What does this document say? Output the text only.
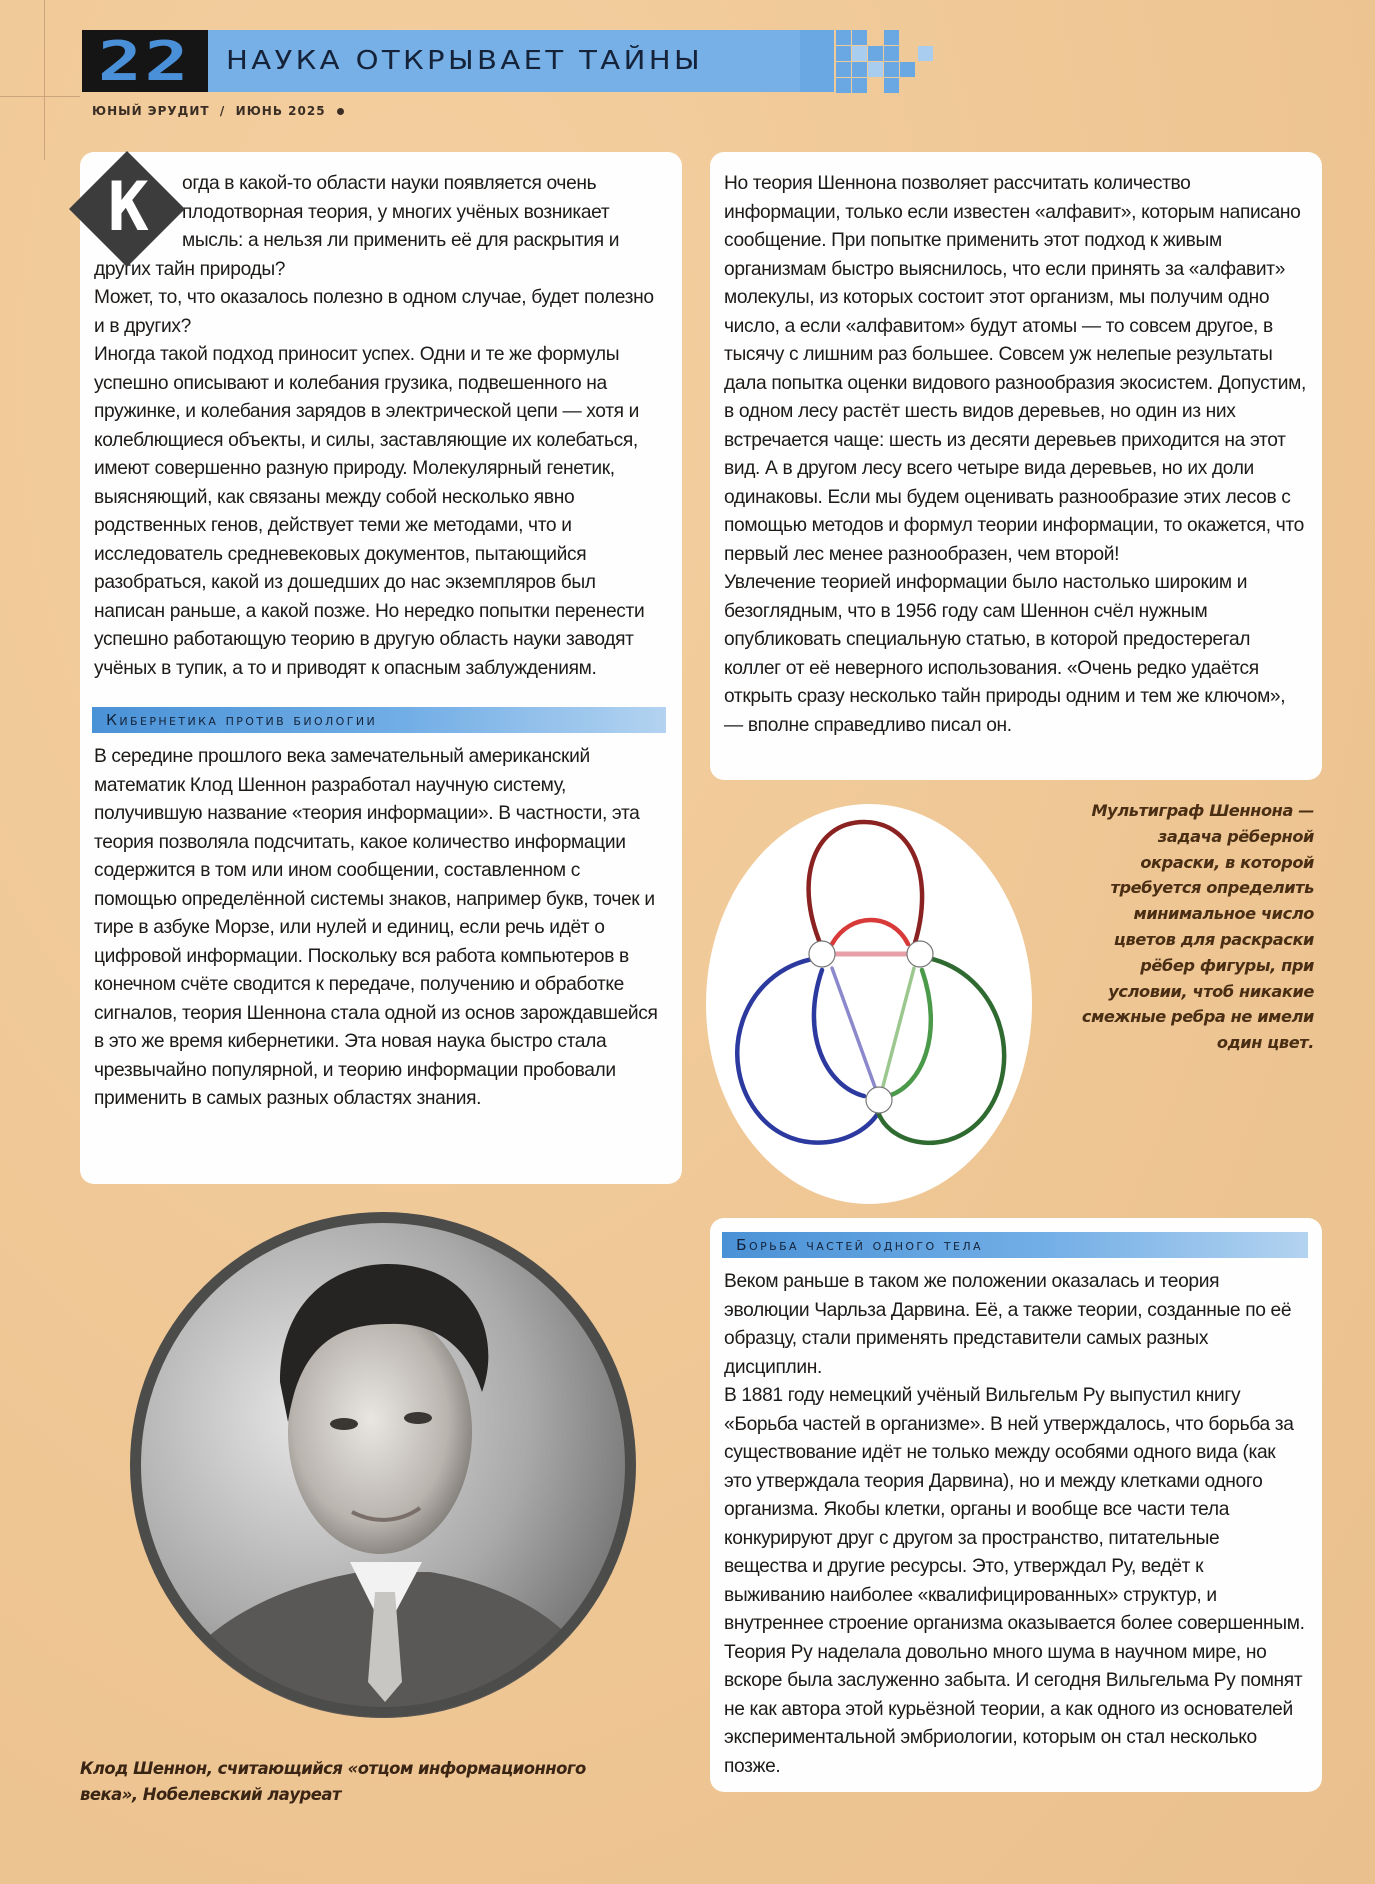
22 НАУКА ОТКРЫВАЕТ ТАЙНЫ
ЮНЫЙ ЭРУДИТ / ИЮНЬ 2025
К	огда в какой-то области науки появляется очень плодотворная теория, у многих учёных возникает мысль: а нельзя ли применить её для раскрытия и других тайн природы?

Может, то, что оказалось полезно в одном случае, будет полезно и в других?

Иногда такой подход приносит успех. Одни и те же формулы успешно описывают и колебания грузика, подвешенного на пружинке, и колебания зарядов в электрической цепи — хотя и колеблющиеся объекты, и силы, заставляющие их колебаться, имеют совершенно разную природу. Молекулярный генетик, выясняющий, как связаны между собой несколько явно родственных генов, действует теми же методами, что и исследователь средневековых документов, пытающийся разобраться, какой из дошедших до нас экземпляров был написан раньше, а какой позже. Но нередко попытки перенести успешно работающую теорию в другую область науки заводят учёных в тупик, а то и приводят к опасным заблуждениям.

Кибернетика против биологии

В середине прошлого века замечательный американский математик Клод Шеннон разработал научную систему, получившую название «теория информации». В частности, эта теория позволяла подсчитать, какое количество информации содержится в том или ином сообщении, составленном с помощью определённой системы знаков, например букв, точек и тире в азбуке Морзе, или нулей и единиц, если речь идёт о цифровой информации. Поскольку вся работа компьютеров в конечном счёте сводится к передаче, получению и обработке сигналов, теория Шеннона стала одной из основ зарождавшейся в это же время кибернетики. Эта новая наука быстро стала чрезвычайно популярной, и теорию информации пробовали применить в самых разных областях знания.

Но теория Шеннона позволяет рассчитать количество информации, только если известен «алфавит», которым написано сообщение. При попытке применить этот подход к живым организмам быстро выяснилось, что если принять за «алфавит» молекулы, из которых состоит этот организм, мы получим одно число, а если «алфавитом» будут атомы — то совсем другое, в тысячу с лишним раз большее. Совсем уж нелепые результаты дала попытка оценки видового разнообразия экосистем. Допустим, в одном лесу растёт шесть видов деревьев, но один из них встречается чаще: шесть из десяти деревьев приходится на этот вид. А в другом лесу всего четыре вида деревьев, но их доли одинаковы. Если мы будем оценивать разнообразие этих лесов с помощью методов и формул теории информации, то окажется, что первый лес менее разнообразен, чем второй!

Увлечение теорией информации было настолько широким и безоглядным, что в 1956 году сам Шеннон счёл нужным опубликовать специальную статью, в которой предостерегал коллег от её неверного использования. «Очень редко удаётся открыть сразу несколько тайн природы одним и тем же ключом», — вполне справедливо писал он.

Мультиграф Шеннона — задача рёберной окраски, в которой требуется определить минимальное число цветов для раскраски рёбер фигуры, при условии, чтоб никакие смежные ребра не имели один цвет.
Борьба частей одного тела

Веком раньше в таком же положении оказалась и теория эволюции Чарльза Дарвина. Её, а также теории, созданные по её образцу, стали применять представители самых разных дисциплин.

В 1881 году немецкий учёный Вильгельм Ру выпустил книгу «Борьба частей в организме». В ней утверждалось, что борьба за существование идёт не только между особями одного вида (как это утверждала теория Дарвина), но и между клетками одного организма. Якобы клетки, органы и вообще все части тела конкурируют друг с другом за пространство, питательные вещества и другие ресурсы. Это, утверждал Ру, ведёт к выживанию наиболее «квалифицированных» структур, и внутреннее строение организма оказывается более совершенным. Теория Ру наделала довольно много шума в научном мире, но вскоре была заслуженно забыта. И сегодня Вильгельма Ру помнят не как автора этой курьёзной теории, а как одного из основателей экспериментальной эмбриологии, которым он стал несколько позже.

Клод Шеннон, считающийся «отцом информационного века», Нобелевский лауреат
